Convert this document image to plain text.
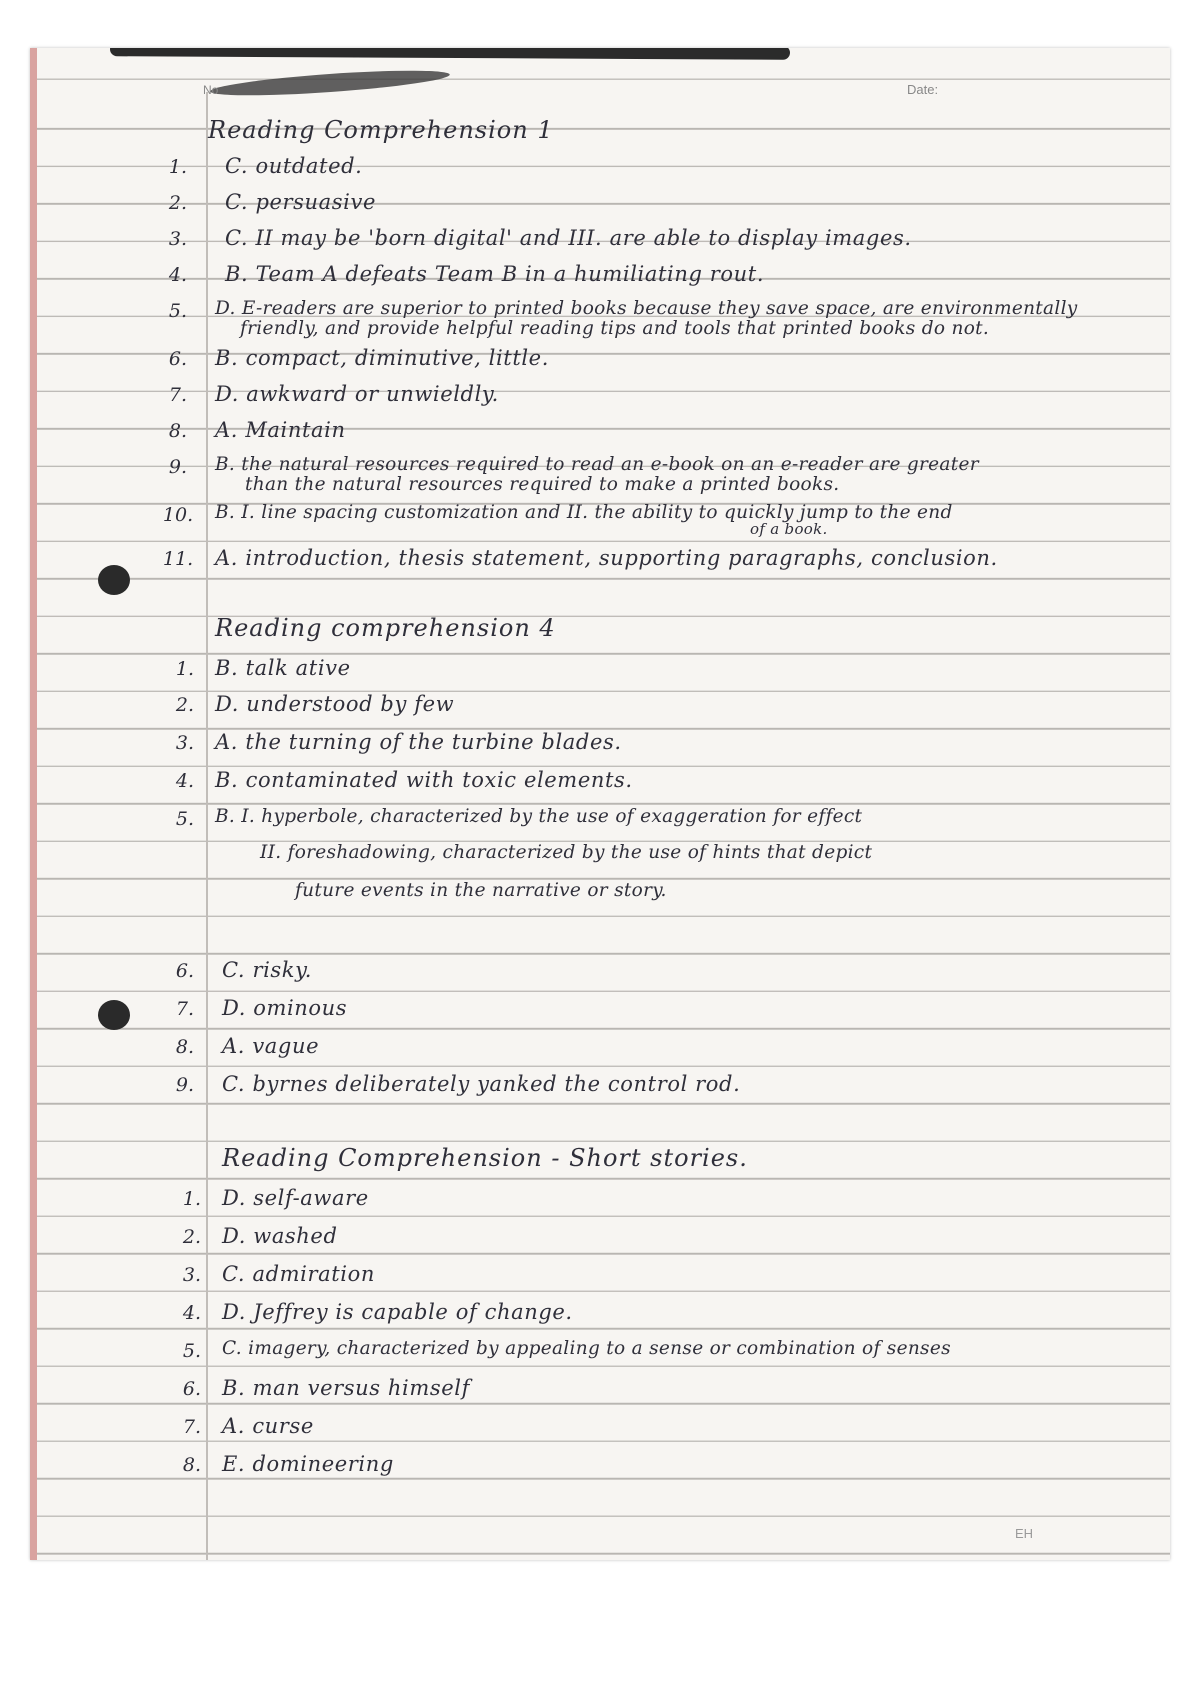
No	Date:
Reading Comprehension 1
1.	C. outdated.
2.	C. persuasive
3.	C. II may be 'born digital' and III. are able to display images.
4.	B. Team A defeats Team B in a humiliating rout.
5.	D. E-readers are superior to printed books because they save space, are environmentally
friendly, and provide helpful reading tips and tools that printed books do not.
6.	B. compact, diminutive, little.
7.	D. awkward or unwieldly.
8.	A. Maintain
9.	B. the natural resources required to read an e-book on an e-reader are greater
than the natural resources required to make a printed books.
10. B. I. line spacing customization and II. the ability to quickly jump to the end
of a book.
11. A. introduction, thesis statement, supporting paragraphs, conclusion.
Reading comprehension 4
1. B. talk ative
2. D. understood by few
3. A. the turning of the turbine blades.
4. B. contaminated with toxic elements.
5.	B. I. hyperbole, characterized by the use of exaggeration for effect
II. foreshadowing, characterized by the use of hints that depict
future events in the narrative or story.
6.	C. risky.
7.	D. ominous
8.	A. vague
9.	C. byrnes deliberately yanked the control rod.
Reading Comprehension - Short stories.
1. D. self-aware
2. D. washed
3. C. admiration
4. D. Jeffrey is capable of change.
5.	C. imagery, characterized by appealing to a sense or combination of senses
6. B. man versus himself
7. A. curse
8. E. domineering
EH
